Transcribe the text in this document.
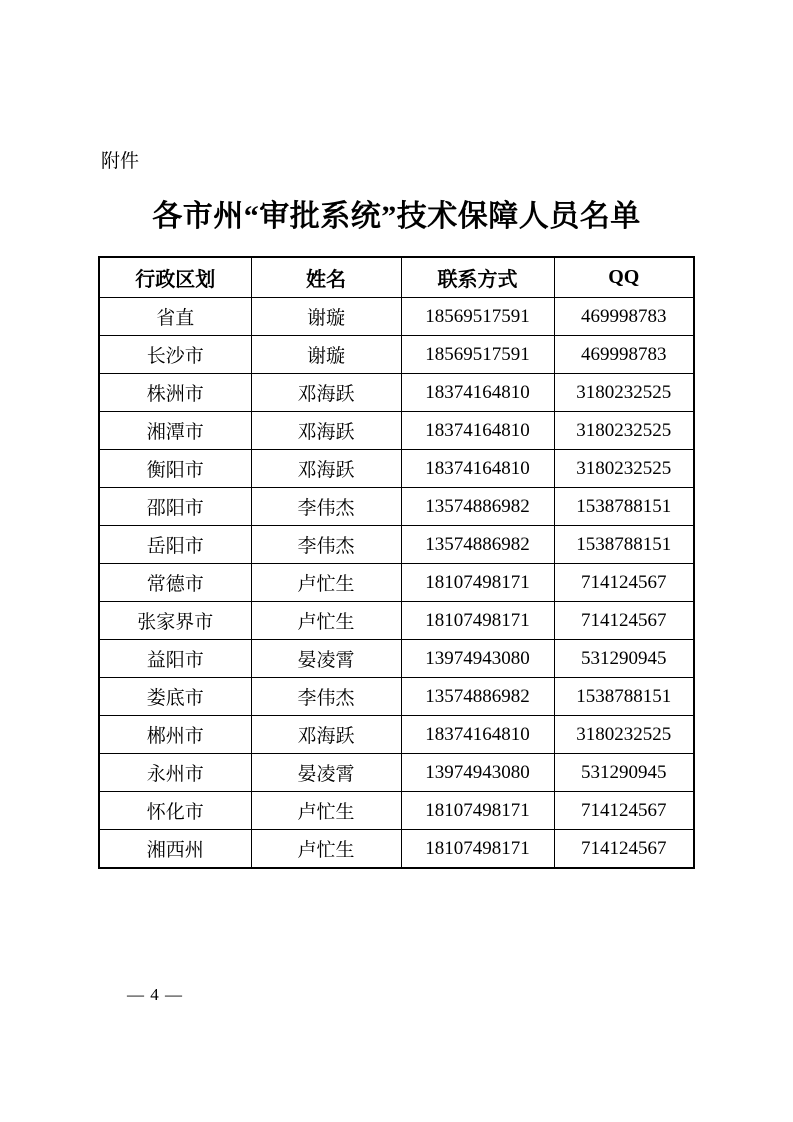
附件
各市州“审批系统”技术保障人员名单
行政区划	姓名	联系方式	QQ
省直	谢璇	18569517591	469998783
长沙市	谢璇	18569517591	469998783
株洲市	邓海跃	18374164810	3180232525
湘潭市	邓海跃	18374164810	3180232525
衡阳市	邓海跃	18374164810	3180232525
邵阳市	李伟杰	13574886982	1538788151
岳阳市	李伟杰	13574886982	1538788151
常德市	卢忙生	18107498171	714124567
张家界市	卢忙生	18107498171	714124567
益阳市	晏凌霄	13974943080	531290945
娄底市	李伟杰	13574886982	1538788151
郴州市	邓海跃	18374164810	3180232525
永州市	晏凌霄	13974943080	531290945
怀化市	卢忙生	18107498171	714124567
湘西州	卢忙生	18107498171	714124567
— 4 —
